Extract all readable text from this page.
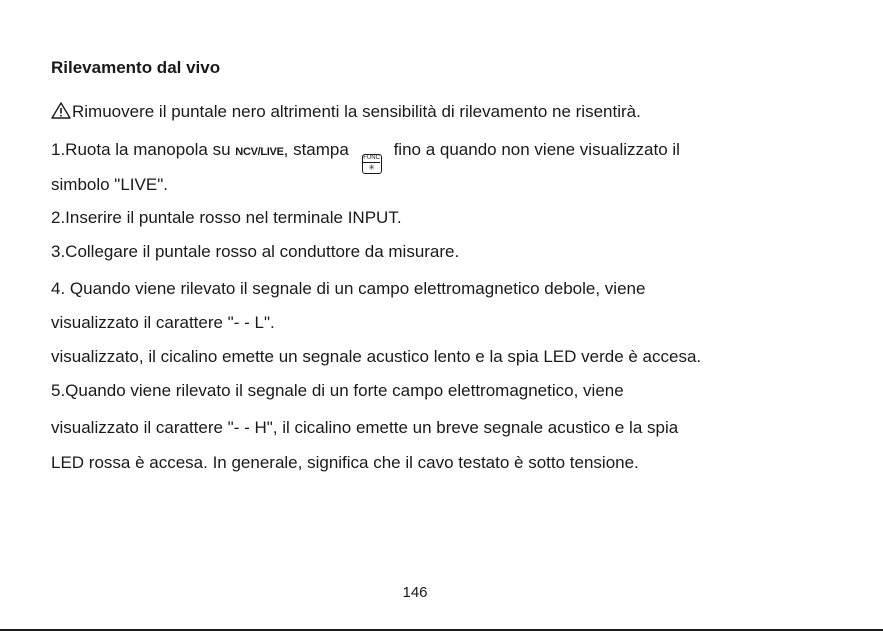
Rilevamento dal vivo

Rimuovere il puntale nero altrimenti la sensibilità di rilevamento ne risentirà.

1.Ruota la manopola su NCV/LIVE, stampa FUNC
✳
fino a quando non viene visualizzato il

simbolo "LIVE".

2.Inserire il puntale rosso nel terminale INPUT.

3.Collegare il puntale rosso al conduttore da misurare.

4. Quando viene rilevato il segnale di un campo elettromagnetico debole, viene

visualizzato il carattere "- - L".

visualizzato, il cicalino emette un segnale acustico lento e la spia LED verde è accesa.

5.Quando viene rilevato il segnale di un forte campo elettromagnetico, viene

visualizzato il carattere "- - H", il cicalino emette un breve segnale acustico e la spia

LED rossa è accesa. In generale, significa che il cavo testato è sotto tensione.

146
